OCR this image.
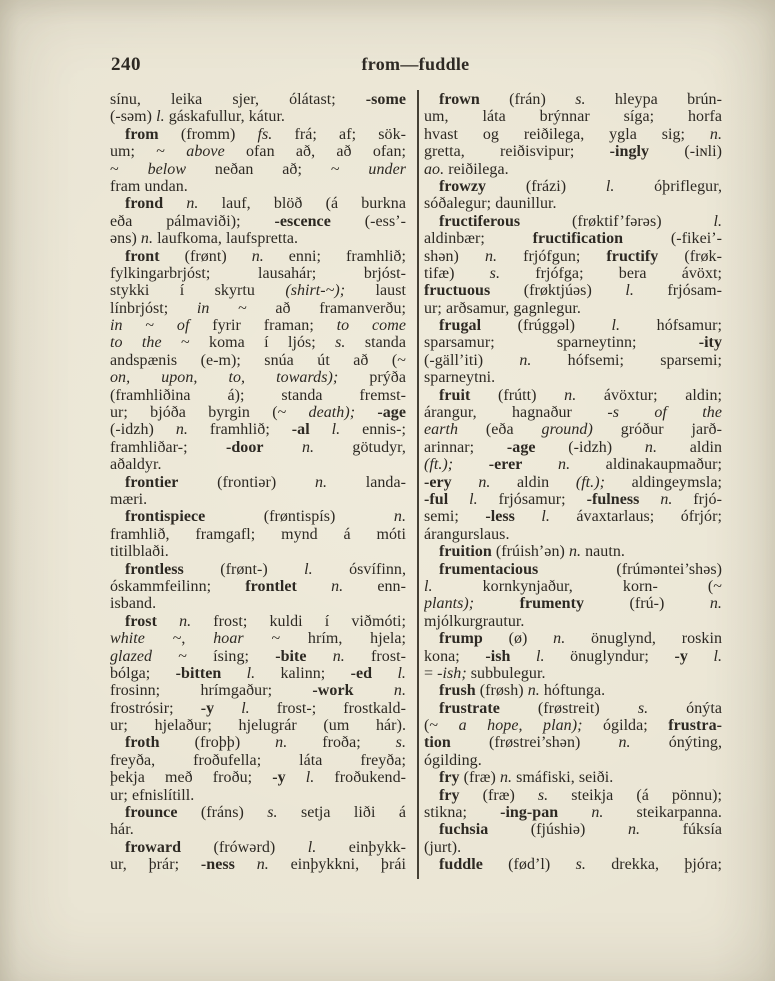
240	from—fuddle
sínu, leika sjer, ólátast; -some
(-səm) l. gáskafullur, kátur.
from (fromm) fs. frá; af; sök-
um; ~ above ofan að, að ofan;
~ below neðan að; ~ under
fram undan.
frond n. lauf, blöð (á burkna
eða pálmaviði); -escence (-ess’-
əns) n. laufkoma, laufspretta.
front (frønt) n. enni; framhlið;
fylkingarbrjóst; lausahár; brjóst-
stykki í skyrtu (shirt-~); laust
línbrjóst; in ~ að framanverðu;
in ~ of fyrir framan; to come
to the ~ koma í ljós; s. standa
andspænis (e-m); snúa út að (~
on, upon, to, towards); prýða
(framhliðina á); standa fremst-
ur; bjóða byrgin (~ death); -age
(-idzh) n. framhlið; -al l. ennis-;
framhliðar-; -door n. götudyr,
aðaldyr.
frontier (frontiər) n. landa-
mæri.
frontispiece (frøntispís) n.
framhlið, framgafl; mynd á móti
titilblaði.
frontless (frønt-) l. ósvífinn,
óskammfeilinn; frontlet n. enn-
isband.
frost n. frost; kuldi í viðmóti;
white ~, hoar ~ hrím, hjela;
glazed ~ ísing; -bite n. frost-
bólga; -bitten l. kalinn; -ed l.
frosinn; hrímgaður; -work	n.
frostrósir; -y l. frost-; frostkald-
ur; hjelaður; hjelugrár (um hár).
froth (froþþ) n. froða; s.
freyða, froðufella; láta freyða;
þekja með froðu; -y l. froðukend-
ur; efnislítill.
frounce (fráns) s. setja liði á
hár.
froward (frówərd) l. einþykk-
ur, þrár; -ness n. einþykkni, þrái
frown (frán) s. hleypa brún-
um, láta brýnnar síga; horfa
hvast og reiðilega, ygla sig; n.
gretta, reiðisvipur; -ingly (-iɴli)
ao. reiðilega.
frowzy (frázi) l. óþriflegur,
sóðalegur; daunillur.
fructiferous (frøktif’fərəs) l.
aldinbær; fructification (-fikei’-
shən) n. frjófgun; fructify (frøk-
tifæ) s. frjófga; bera ávöxt;
fructuous (frøktjúəs) l. frjósam-
ur; arðsamur, gagnlegur.
frugal (frúggəl) l. hófsamur;
sparsamur; sparneytinn; -ity
(-gäll’iti) n. hófsemi; sparsemi;
sparneytni.
fruit (frútt) n. ávöxtur; aldin;
árangur, hagnaður -s of the
earth (eða ground) gróður jarð-
arinnar; -age (-idzh) n. aldin
(ft.); -erer n. aldinakaupmaður;
-ery n. aldin (ft.); aldingeymsla;
-ful l. frjósamur; -fulness n. frjó-
semi; -less l. ávaxtarlaus; ófrjór;
árangurslaus.
fruition (frúish’ən) n. nautn.
frumentacious (frúməntei’shəs)
l. kornkynjaður, korn- (~
plants);	frumenty (frú-) n.
mjólkurgrautur.
frump (ø) n. önuglynd, roskin
kona; -ish l. önuglyndur; -y l.
= -ish; subbulegur.
frush (frøsh) n. hóftunga.
frustrate (frøstreit) s. ónýta
(~ a hope, plan); ógilda; frustra-
tion (frøstrei’shən) n. ónýting,
ógilding.
fry (fræ) n. smáfiski, seiði.
fry (fræ) s. steikja (á pönnu);
stikna; -ing-pan n. steikarpanna.
fuchsia (fjúshiə) n. fúksía
(jurt).
fuddle (fød’l) s. drekka, þjóra;
